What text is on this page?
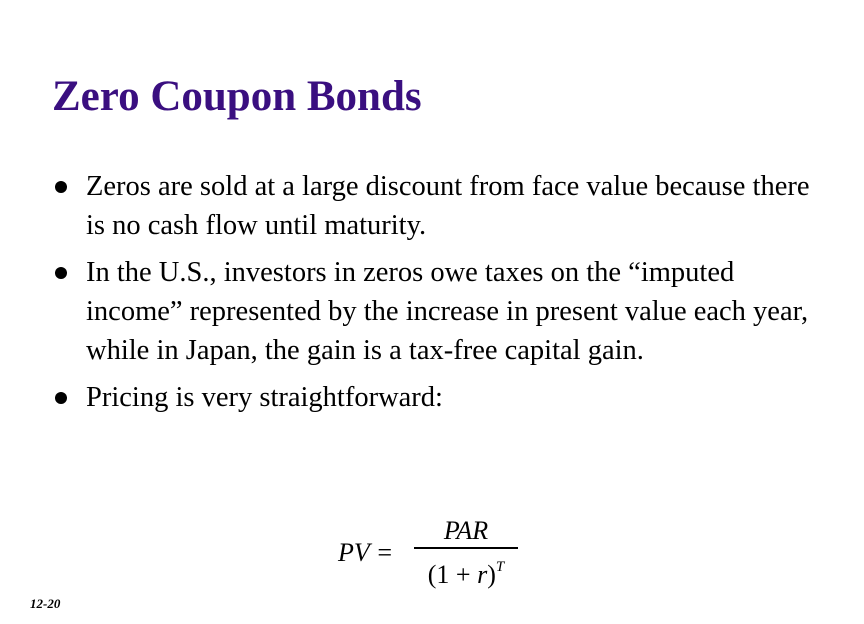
Zero Coupon Bonds
Zeros are sold at a large discount from face value because there is no cash flow until maturity.
In the U.S., investors in zeros owe taxes on the “imputed income” represented by the increase in present value each year, while in Japan, the gain is a tax-free capital gain.
Pricing is very straightforward:
PV =
PAR
$(1 + r)^T$
12-20
